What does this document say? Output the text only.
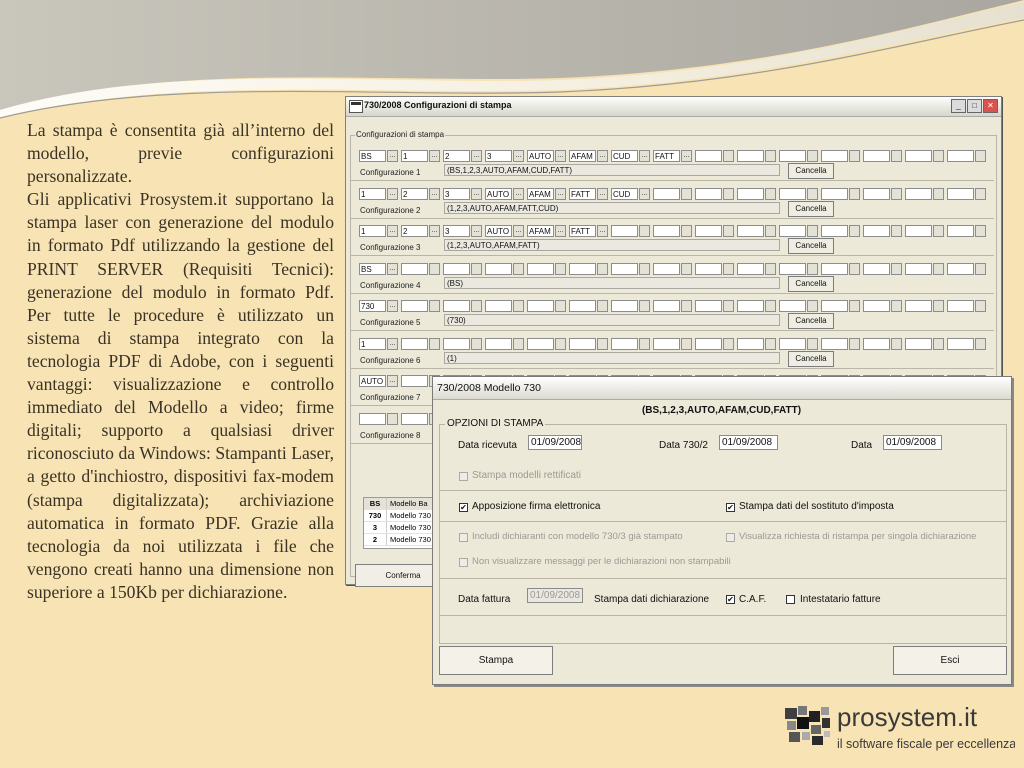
La stampa è consentita già all’interno del modello, previe configurazioni personalizzate.

Gli applicativi Prosystem.it supportano la stampa laser con generazione del modulo in formato Pdf utilizzando la gestione del PRINT SERVER (Requisiti Tecnici): generazione del modulo in formato Pdf. Per tutte le procedure è utilizzato un sistema di stampa integrato con la tecnologia PDF di Adobe, con i seguenti vantaggi: visualizzazione e controllo immediato del Modello a video; firme digitali; supporto a qualsiasi driver riconosciuto da Windows: Stampanti Laser, a getto d'inchiostro, dispositivi fax-modem (stampa digitalizzata); archiviazione automatica in formato PDF. Grazie alla tecnologia da noi utilizzata i file che vengono creati hanno una dimensione non superiore a 150Kb per dichiarazione.

730/2008 Configurazioni di stampa	_ □ ✕
Configurazioni di stampa
BS	... 1	... 2	... 3	... AUTO ... AFAM ... CUD	... FATT	...
Configurazione 1	(BS,1,2,3,AUTO,AFAM,CUD,FATT)	Cancella
1	... 2	... 3	... AUTO ... AFAM ... FATT	... CUD	...
Configurazione 2	(1,2,3,AUTO,AFAM,FATT,CUD)	Cancella
1	... 2	... 3	... AUTO ... AFAM ... FATT	...
Configurazione 3	(1,2,3,AUTO,AFAM,FATT)	Cancella
BS	...
Configurazione 4	(BS)	Cancella
730	...
Configurazione 5	(730)	Cancella
1	...
Configurazione 6	(1)	Cancella
AUTO ...
Configurazione 7
Configurazione 8
BS Modello Ba
730 Modello 730
3 Modello 730
2 Modello 730
Conferma
730/2008 Modello 730
(BS,1,2,3,AUTO,AFAM,CUD,FATT)
OPZIONI DI STAMPA
Data ricevuta	01/09/2008	Data 730/2	01/09/2008	Data	01/09/2008
Stampa modelli rettificati
✔ Apposizione firma elettronica	✔ Stampa dati del sostituto d'imposta
Includi dichiaranti con modello 730/3 già stampato	Visualizza richiesta di ristampa per singola dichiarazione
Non visualizzare messaggi per le dichiarazioni non stampabili
Data fattura	01/09/2008 Stampa dati dichiarazione ✔ C.A.F.	Intestatario fatture
Stampa	Esci
prosystem.it
il software fiscale per eccellenza
